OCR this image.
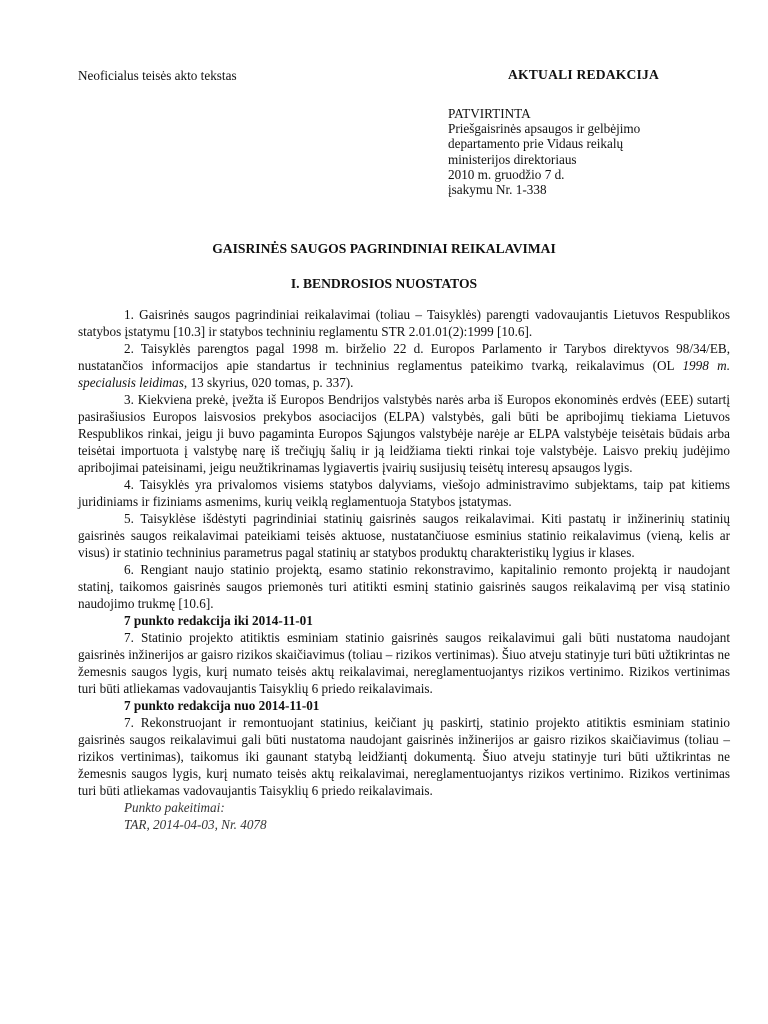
Neoficialus teisės akto tekstas	AKTUALI REDAKCIJA
PATVIRTINTA
Priešgaisrinės apsaugos ir gelbėjimo
departamento prie Vidaus reikalų
ministerijos direktoriaus
2010 m. gruodžio 7 d.
įsakymu Nr. 1-338
GAISRINĖS SAUGOS PAGRINDINIAI REIKALAVIMAI
I. BENDROSIOS NUOSTATOS

1. Gaisrinės saugos pagrindiniai reikalavimai (toliau – Taisyklės) parengti vadovaujantis Lietuvos Respublikos statybos įstatymu [10.3] ir statybos techniniu reglamentu STR 2.01.01(2):1999 [10.6].

2. Taisyklės parengtos pagal 1998 m. birželio 22 d. Europos Parlamento ir Tarybos direktyvos 98/34/EB, nustatančios informacijos apie standartus ir techninius reglamentus pateikimo tvarką, reikalavimus (OL 1998 m. specialusis leidimas, 13 skyrius, 020 tomas, p. 337).

3. Kiekviena prekė, įvežta iš Europos Bendrijos valstybės narės arba iš Europos ekonominės erdvės (EEE) sutartį pasirašiusios Europos laisvosios prekybos asociacijos (ELPA) valstybės, gali būti be apribojimų tiekiama Lietuvos Respublikos rinkai, jeigu ji buvo pagaminta Europos Sąjungos valstybėje narėje ar ELPA valstybėje teisėtais būdais arba teisėtai importuota į valstybę narę iš trečiųjų šalių ir ją leidžiama tiekti rinkai toje valstybėje. Laisvo prekių judėjimo apribojimai pateisinami, jeigu neužtikrinamas lygiavertis įvairių susijusių teisėtų interesų apsaugos lygis.

4. Taisyklės yra privalomos visiems statybos dalyviams, viešojo administravimo subjektams, taip pat kitiems juridiniams ir fiziniams asmenims, kurių veiklą reglamentuoja Statybos įstatymas.

5. Taisyklėse išdėstyti pagrindiniai statinių gaisrinės saugos reikalavimai. Kiti pastatų ir inžinerinių statinių gaisrinės saugos reikalavimai pateikiami teisės aktuose, nustatančiuose esminius statinio reikalavimus (vieną, kelis ar visus) ir statinio techninius parametrus pagal statinių ar statybos produktų charakteristikų lygius ir klases.

6. Rengiant naujo statinio projektą, esamo statinio rekonstravimo, kapitalinio remonto projektą ir naudojant statinį, taikomos gaisrinės saugos priemonės turi atitikti esminį statinio gaisrinės saugos reikalavimą per visą statinio naudojimo trukmę [10.6].

7 punkto redakcija iki 2014-11-01

7. Statinio projekto atitiktis esminiam statinio gaisrinės saugos reikalavimui gali būti nustatoma naudojant gaisrinės inžinerijos ar gaisro rizikos skaičiavimus (toliau – rizikos vertinimas). Šiuo atveju statinyje turi būti užtikrintas ne žemesnis saugos lygis, kurį numato teisės aktų reikalavimai, nereglamentuojantys rizikos vertinimo. Rizikos vertinimas turi būti atliekamas vadovaujantis Taisyklių 6 priedo reikalavimais.

7 punkto redakcija nuo 2014-11-01

7. Rekonstruojant ir remontuojant statinius, keičiant jų paskirtį, statinio projekto atitiktis esminiam statinio gaisrinės saugos reikalavimui gali būti nustatoma naudojant gaisrinės inžinerijos ar gaisro rizikos skaičiavimus (toliau – rizikos vertinimas), taikomus iki gaunant statybą leidžiantį dokumentą. Šiuo atveju statinyje turi būti užtikrintas ne žemesnis saugos lygis, kurį numato teisės aktų reikalavimai, nereglamentuojantys rizikos vertinimo. Rizikos vertinimas turi būti atliekamas vadovaujantis Taisyklių 6 priedo reikalavimais.

Punkto pakeitimai:

TAR, 2014-04-03, Nr. 4078
